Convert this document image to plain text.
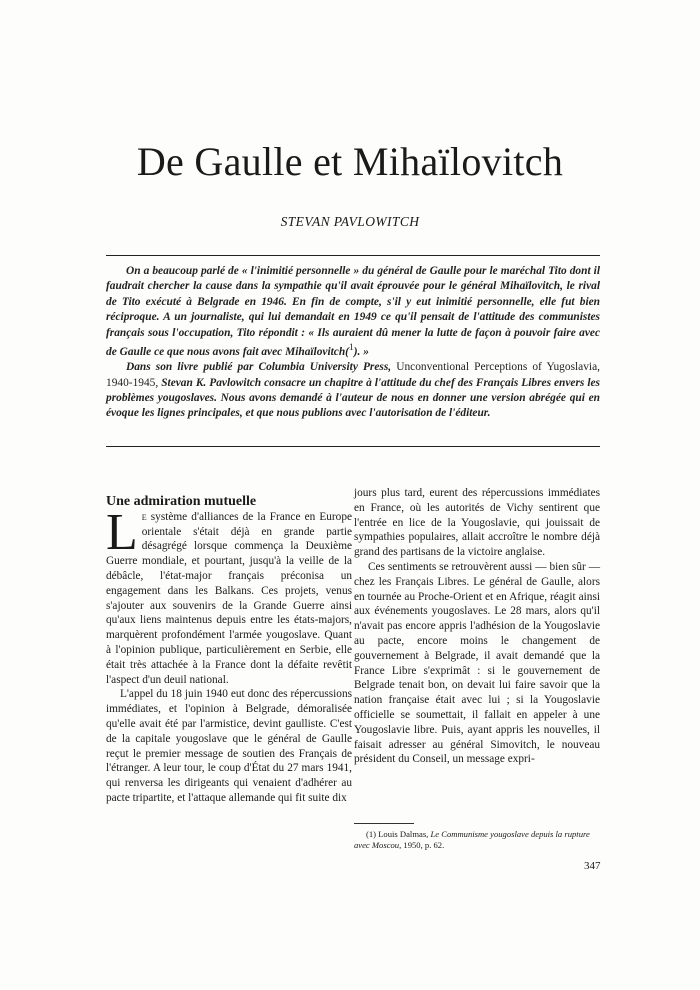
De Gaulle et Mihaïlovitch
STEVAN PAVLOWITCH

On a beaucoup parlé de « l'inimitié personnelle » du général de Gaulle pour le maréchal Tito dont il faudrait chercher la cause dans la sympathie qu'il avait éprouvée pour le général Mihaïlovitch, le rival de Tito exécuté à Belgrade en 1946. En fin de compte, s'il y eut inimitié personnelle, elle fut bien réciproque. A un journaliste, qui lui demandait en 1949 ce qu'il pensait de l'attitude des communistes français sous l'occupation, Tito répondit : « Ils auraient dû mener la lutte de façon à pouvoir faire avec de Gaulle ce que nous avons fait avec Mihaïlovitch($^1$). »

Dans son livre publié par Columbia University Press, Unconventional Perceptions of Yugoslavia, 1940-1945, Stevan K. Pavlowitch consacre un chapitre à l'attitude du chef des Français Libres envers les problèmes yougoslaves. Nous avons demandé à l'auteur de nous en donner une version abrégée qui en évoque les lignes principales, et que nous publions avec l'autorisation de l'éditeur.

Une admiration mutuelle

Le système d'alliances de la France en Europe orientale s'était déjà en grande partie désagrégé lorsque commença la Deuxième Guerre mondiale, et pourtant, jusqu'à la veille de la débâcle, l'état-major français préconisa un engagement dans les Balkans. Ces projets, venus s'ajouter aux souvenirs de la Grande Guerre ainsi qu'aux liens maintenus depuis entre les états-majors, marquèrent profondément l'armée yougoslave. Quant à l'opinion publique, particulièrement en Serbie, elle était très attachée à la France dont la défaite revêtit l'aspect d'un deuil national.

L'appel du 18 juin 1940 eut donc des répercussions immédiates, et l'opinion à Belgrade, démoralisée qu'elle avait été par l'armistice, devint gaulliste. C'est de la capitale yougoslave que le général de Gaulle reçut le premier message de soutien des Français de l'étranger. A leur tour, le coup d'État du 27 mars 1941, qui renversa les dirigeants qui venaient d'adhérer au pacte tripartite, et l'attaque allemande qui fit suite dix

jours plus tard, eurent des répercussions immédiates en France, où les autorités de Vichy sentirent que l'entrée en lice de la Yougoslavie, qui jouissait de sympathies populaires, allait accroître le nombre déjà grand des partisans de la victoire anglaise.

Ces sentiments se retrouvèrent aussi — bien sûr — chez les Français Libres. Le général de Gaulle, alors en tournée au Proche-Orient et en Afrique, réagit ainsi aux événements yougoslaves. Le 28 mars, alors qu'il n'avait pas encore appris l'adhésion de la Yougoslavie au pacte, encore moins le changement de gouvernement à Belgrade, il avait demandé que la France Libre s'exprimât : si le gouvernement de Belgrade tenait bon, on devait lui faire savoir que la nation française était avec lui ; si la Yougoslavie officielle se soumettait, il fallait en appeler à une Yougoslavie libre. Puis, ayant appris les nouvelles, il faisait adresser au général Simovitch, le nouveau président du Conseil, un message expri-

(1) Louis Dalmas, Le Communisme yougoslave depuis la rupture avec Moscou, 1950, p. 62.
347
